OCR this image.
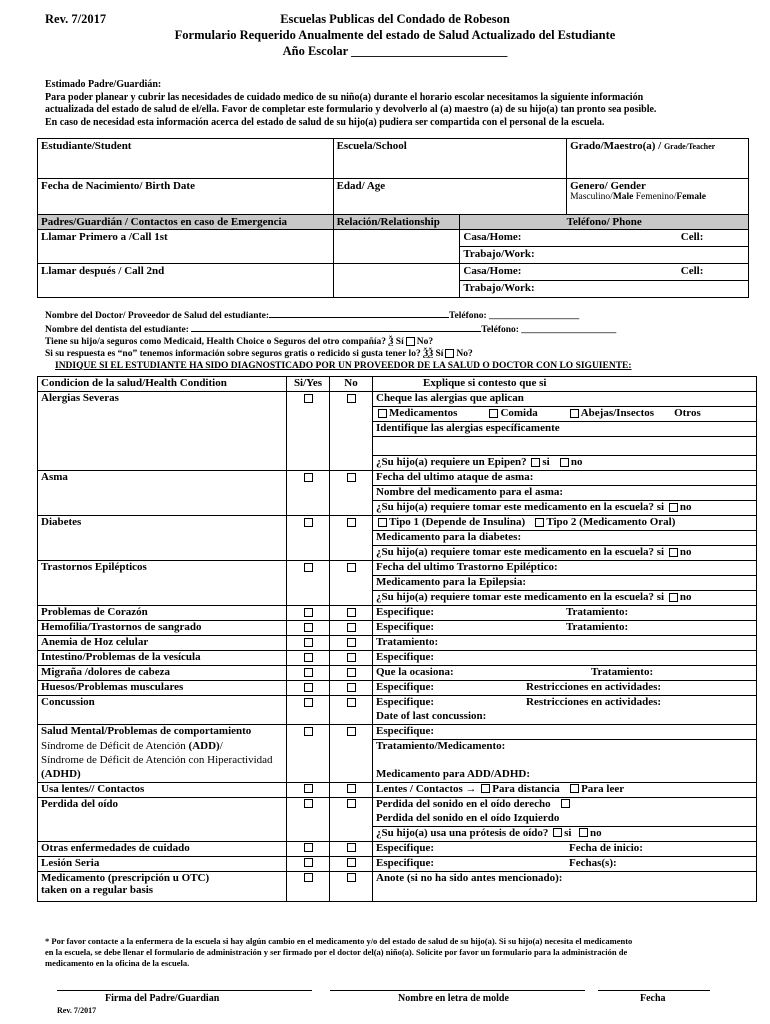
Rev. 7/2017	Escuelas Publicas del Condado de Robeson
Formulario Requerido Anualmente del estado de Salud Actualizado del Estudiante
Año Escolar _________________________
Estimado Padre/Guardián:
Para poder planear y cubrir las necesidades de cuidado medico de su niño(a) durante el horario escolar necesitamos la siguiente información
actualizada del estado de salud de el/ella. Favor de completar este formulario y devolverlo al (a) maestro (a) de su hijo(a) tan pronto sea posible.
En caso de necesidad esta información acerca del estado de salud de su hijo(a) pudiera ser compartida con el personal de la escuela.
Estudiante/Student	Escuela/School		Grado/Maestro(a) / Grade/Teacher
Fecha de Nacimiento/ Birth Date	Edad/ Age		Genero/ Gender
Masculino/Male Femenino/Female

Padres/Guardián / Contactos en caso de Emergencia	Relación/Relationship	Teléfono/ Phone	
Llamar Primero a /Call 1st		Casa/Home: Cell:	

		Trabajo/Work:	
Llamar después / Call 2nd		Casa/Home: Cell:	

		Trabajo/Work:	
Nombre del Doctor/ Proveedor de Salud del estudiante:	Teléfono: ___________________
Nombre del dentista del estudiante:	Teléfono: ____________________
Tiene su hijo/a seguros como Medicaid, Health Choice o Seguros del otro compañía? Ѯ Sí No?
Si su respuesta es “no” tenemos información sobre seguros gratis o redicido si gusta tener lo? ѮѮ Sí No?
INDIQUE SI EL ESTUDIANTE HA SIDO DIAGNOSTICADO POR UN PROVEEDOR DE LA SALUD O DOCTOR CON LO SIGUIENTE:
Condicion de la salud/Health Condition	Si/Yes	No	Explique si contesto que si
Alergias Severas			Cheque las alergias que aplican
			Medicamentos Comida Abejas/Insectos Otros
			Identifique las alergias específicamente

			¿Su hijo(a) requiere un Epipen? si no
Asma			Fecha del ultimo ataque de asma:
			Nombre del medicamento para el asma:
			¿Su hijo(a) requiere tomar este medicamento en la escuela? si no
Diabetes			Tipo 1 (Depende de Insulina) Tipo 2 (Medicamento Oral)
			Medicamento para la diabetes:
			¿Su hijo(a) requiere tomar este medicamento en la escuela? si no
Trastornos Epilépticos			Fecha del ultimo Trastorno Epiléptico:
			Medicamento para la Epilepsia:
			¿Su hijo(a) requiere tomar este medicamento en la escuela? si no
Problemas de Corazón			Especifique: Tratamiento:
Hemofilia/Trastornos de sangrado			Especifique: Tratamiento:
Anemia de Hoz celular			Tratamiento:
Intestino/Problemas de la vesícula			Especifique:
Migraña /dolores de cabeza			Que la ocasiona: Tratamiento:
Huesos/Problemas musculares			Especifique: Restricciones en actividades:
Concussion			Especifique: Restricciones en actividades:
			Date of last concussion:
Salud Mental/Problemas de comportamiento			Especifique:
Síndrome de Déficit de Atención (ADD)/			Tratamiento/Medicamento:
Síndrome de Déficit de Atención con Hiperactividad			
(ADHD)			Medicamento para ADD/ADHD:
Usa lentes// Contactos			Lentes / Contactos → Para distancia Para leer
Perdida del oído			Perdida del sonido en el oído derecho
			Perdida del sonido en el oído Izquierdo
			¿Su hijo(a) usa una prótesis de oído? si no
Otras enfermedades de cuidado			Especifique: Fecha de inicio:
Lesión Seria			Especifique: Fechas(s):

Medicamento (prescripción u OTC)
taken on a regular basis			Anote (si no ha sido antes mencionado):
* Por favor contacte a la enfermera de la escuela si hay algún cambio en el medicamento y/o del estado de salud de su hijo(a). Si su hijo(a) necesita el medicamento
en la escuela, se debe llenar el formulario de administración y ser firmado por el doctor del(a) niño(a). Solicite por favor un formulario para la administración de
medicamento en la oficina de la escuela.
Firma del Padre/Guardian	Nombre en letra de molde	Fecha
Rev. 7/2017
